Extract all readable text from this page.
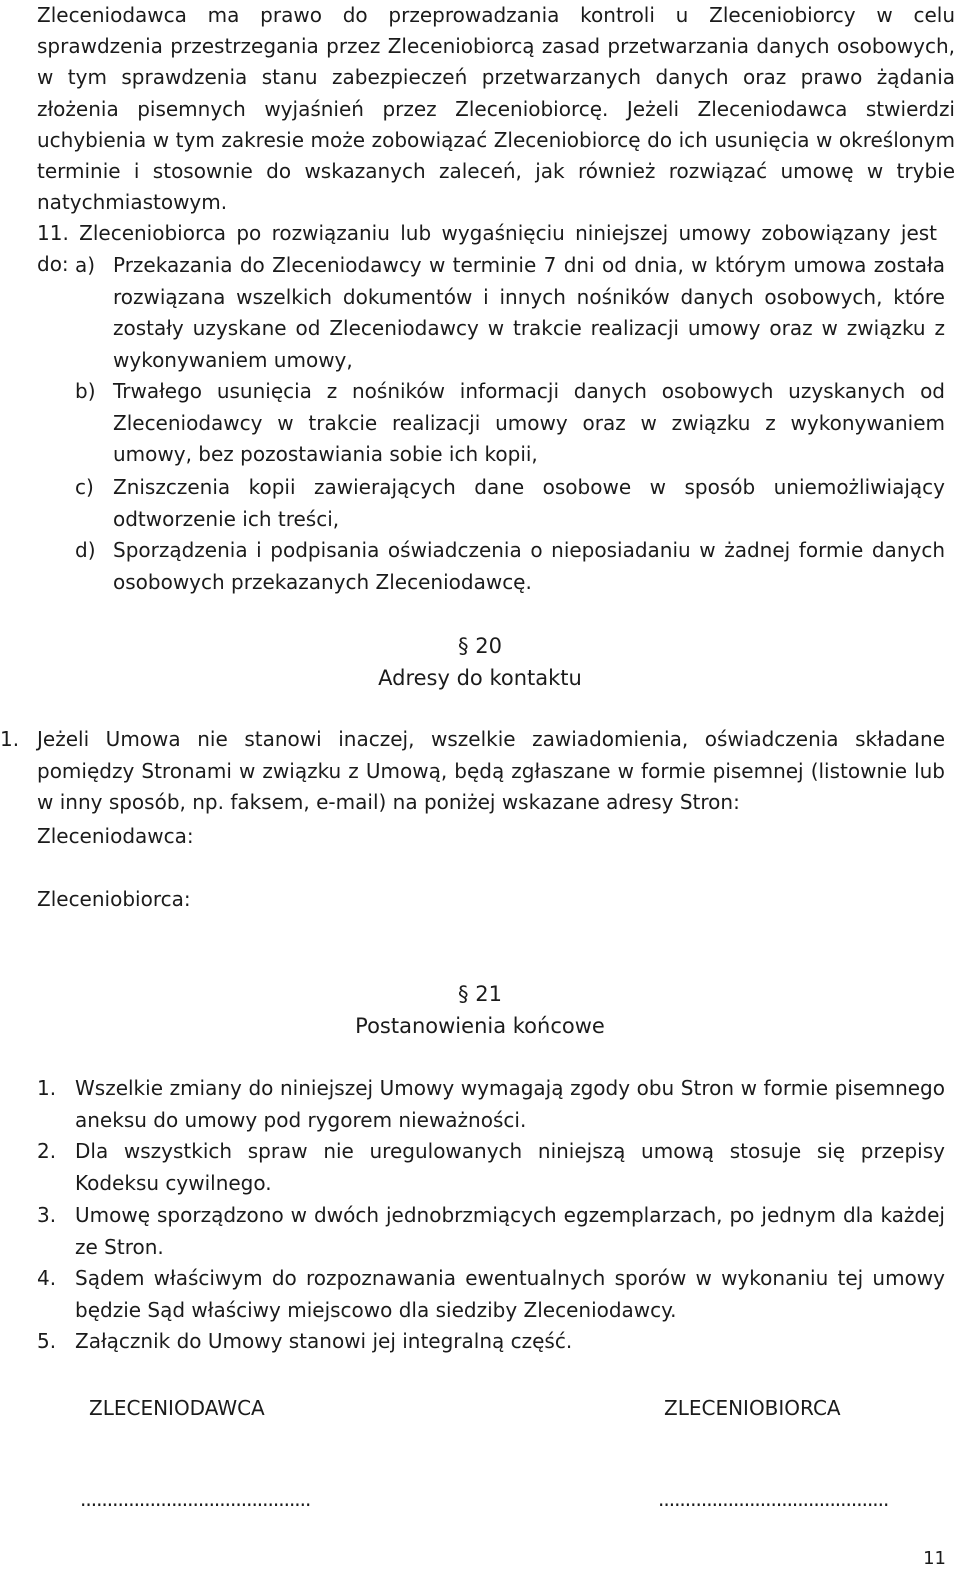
Zleceniodawca ma prawo do przeprowadzania kontroli u Zleceniobiorcy w celu sprawdzenia przestrzegania przez Zleceniobiorcą zasad przetwarzania danych osobowych, w tym sprawdzenia stanu zabezpieczeń przetwarzanych danych oraz prawo żądania złożenia pisemnych wyjaśnień przez Zleceniobiorcę. Jeżeli Zleceniodawca stwierdzi uchybienia w tym zakresie może zobowiązać Zleceniobiorcę do ich usunięcia w określonym terminie i stosownie do wskazanych zaleceń, jak również rozwiązać umowę w trybie natychmiastowym.
11. Zleceniobiorca po rozwiązaniu lub wygaśnięciu niniejszej umowy zobowiązany jest do: a) Przekazania do Zleceniodawcy w terminie 7 dni od dnia, w którym umowa została rozwiązana wszelkich dokumentów i innych nośników danych osobowych, które zostały uzyskane od Zleceniodawcy w trakcie realizacji umowy oraz w związku z wykonywaniem umowy,
b) Trwałego usunięcia z nośników informacji danych osobowych uzyskanych od Zleceniodawcy w trakcie realizacji umowy oraz w związku z wykonywaniem umowy, bez pozostawiania sobie ich kopii,
c) Zniszczenia kopii zawierających dane osobowe w sposób uniemożliwiający odtworzenie ich treści,
d) Sporządzenia i podpisania oświadczenia o nieposiadaniu w żadnej formie danych osobowych przekazanych Zleceniodawcę.
§ 20
Adresy do kontaktu
1. Jeżeli Umowa nie stanowi inaczej, wszelkie zawiadomienia, oświadczenia składane pomiędzy Stronami w związku z Umową, będą zgłaszane w formie pisemnej (listownie lub w inny sposób, np. faksem, e-mail) na poniżej wskazane adresy Stron:
Zleceniodawca:
Zleceniobiorca:
§ 21
Postanowienia końcowe
1. Wszelkie zmiany do niniejszej Umowy wymagają zgody obu Stron w formie pisemnego aneksu do umowy pod rygorem nieważności.
2. Dla wszystkich spraw nie uregulowanych niniejszą umową stosuje się przepisy Kodeksu cywilnego.
3. Umowę sporządzono w dwóch jednobrzmiących egzemplarzach, po jednym dla każdej ze Stron.
4. Sądem właściwym do rozpoznawania ewentualnych sporów w wykonaniu tej umowy będzie Sąd właściwy miejscowo dla siedziby Zleceniodawcy.
5. Załącznik do Umowy stanowi jej integralną część.
ZLECENIODAWCA	ZLECENIOBIORCA
...........................................	...........................................
11
